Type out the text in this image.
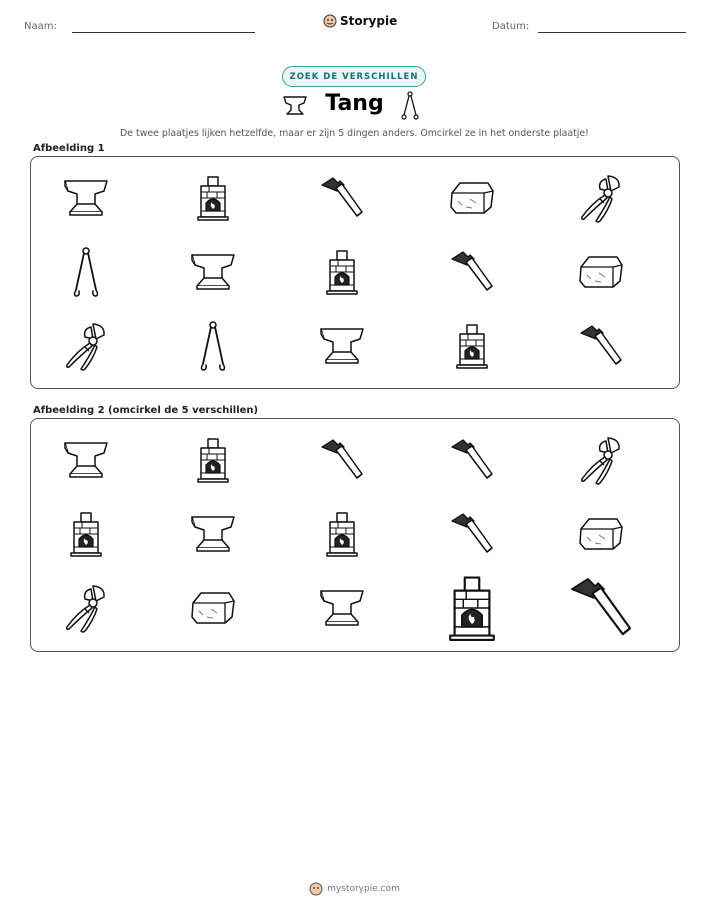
Naam:	Storypie	Datum:
ZOEK DE VERSCHILLEN
Tang
De twee plaatjes lijken hetzelfde, maar er zijn 5 dingen anders. Omcirkel ze in het onderste plaatje!
Afbeelding 1
Afbeelding 2 (omcirkel de 5 verschillen)
mystorypie.com
